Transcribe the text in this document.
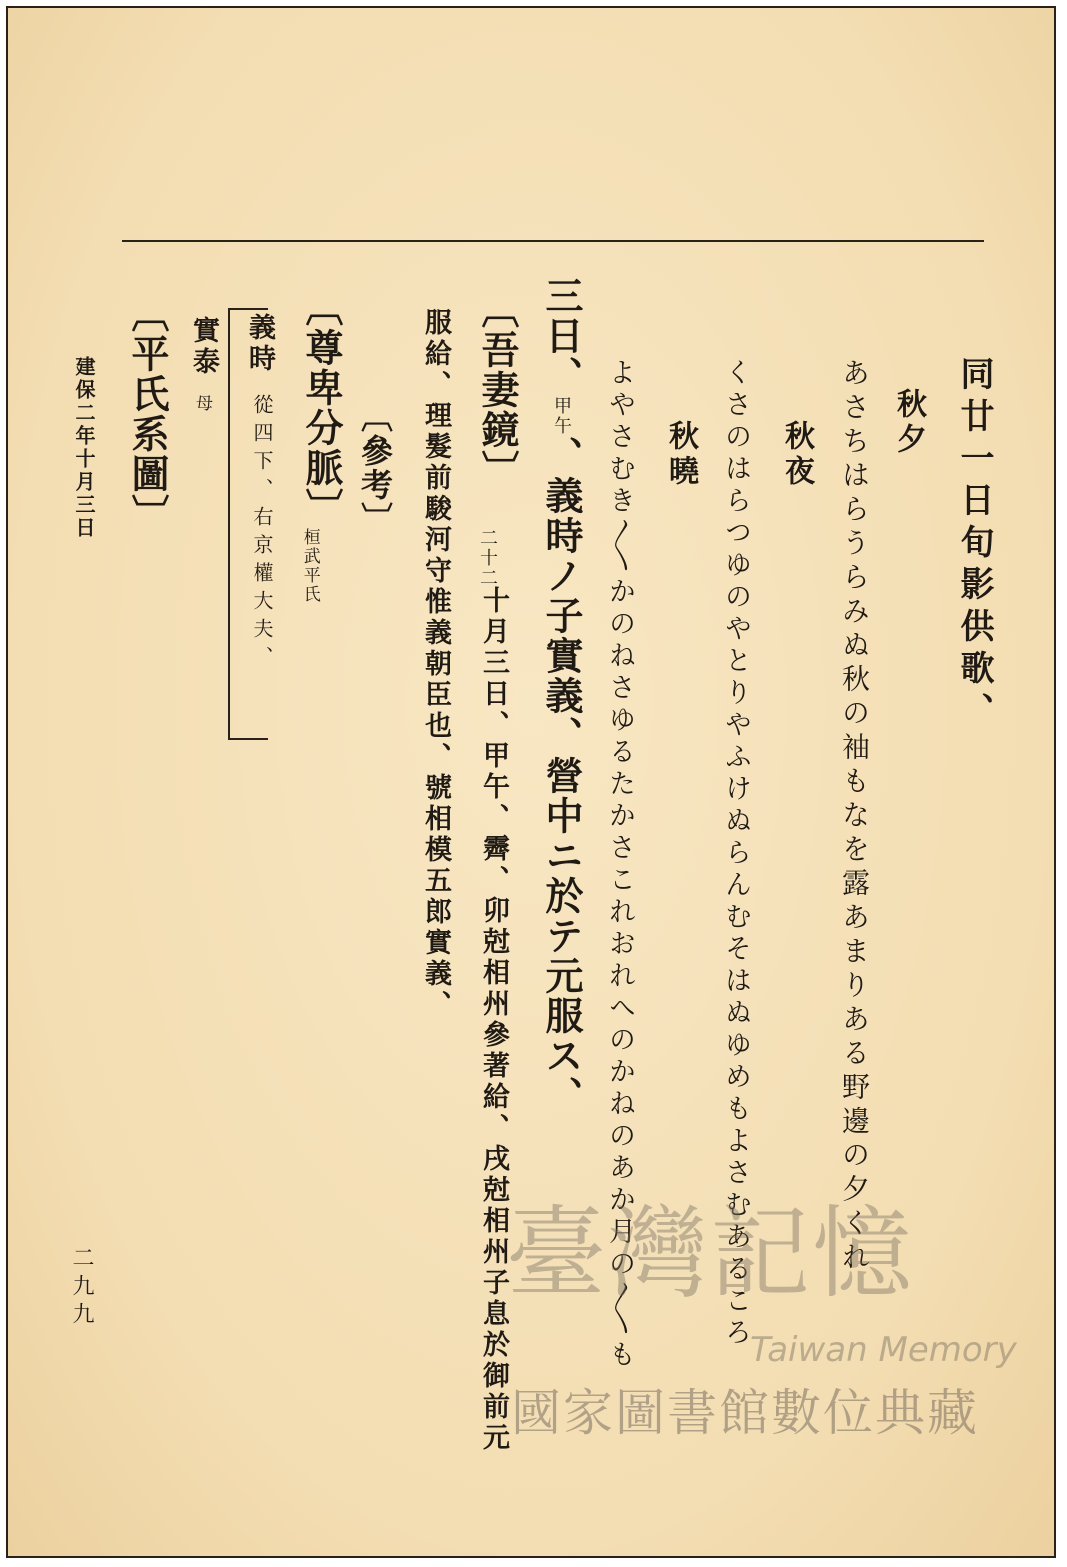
同廿一日旬影供歌、
秋夕
あさちはらうらみぬ秋の袖もなを露あまりある野邊の夕くれ
秋夜
くさのはらつゆのやとりやふけぬらんむそはぬゆめもよさむあるころ
秋曉
よやさむき〳〵かのねさゆるたかさこれおれへのかねのあか月の〳〵も
三日、甲午、義時ノ子實義、營中ニ於テ元服ス、
〔吾妻鏡〕
二十二
十月三日、甲午、霽、卯尅相州參著給、戌尅相州子息於御前元
服給、理髮前駿河守惟義朝臣也、號相模五郎實義、
〔參考〕
〔尊卑分脈〕
桓武平氏
義時
從四下、右京權大夫、
實泰
母
〔平氏系圖〕
建保二年十月三日
二九九	臺灣記憶
Taiwan Memory
國家圖書館數位典藏
